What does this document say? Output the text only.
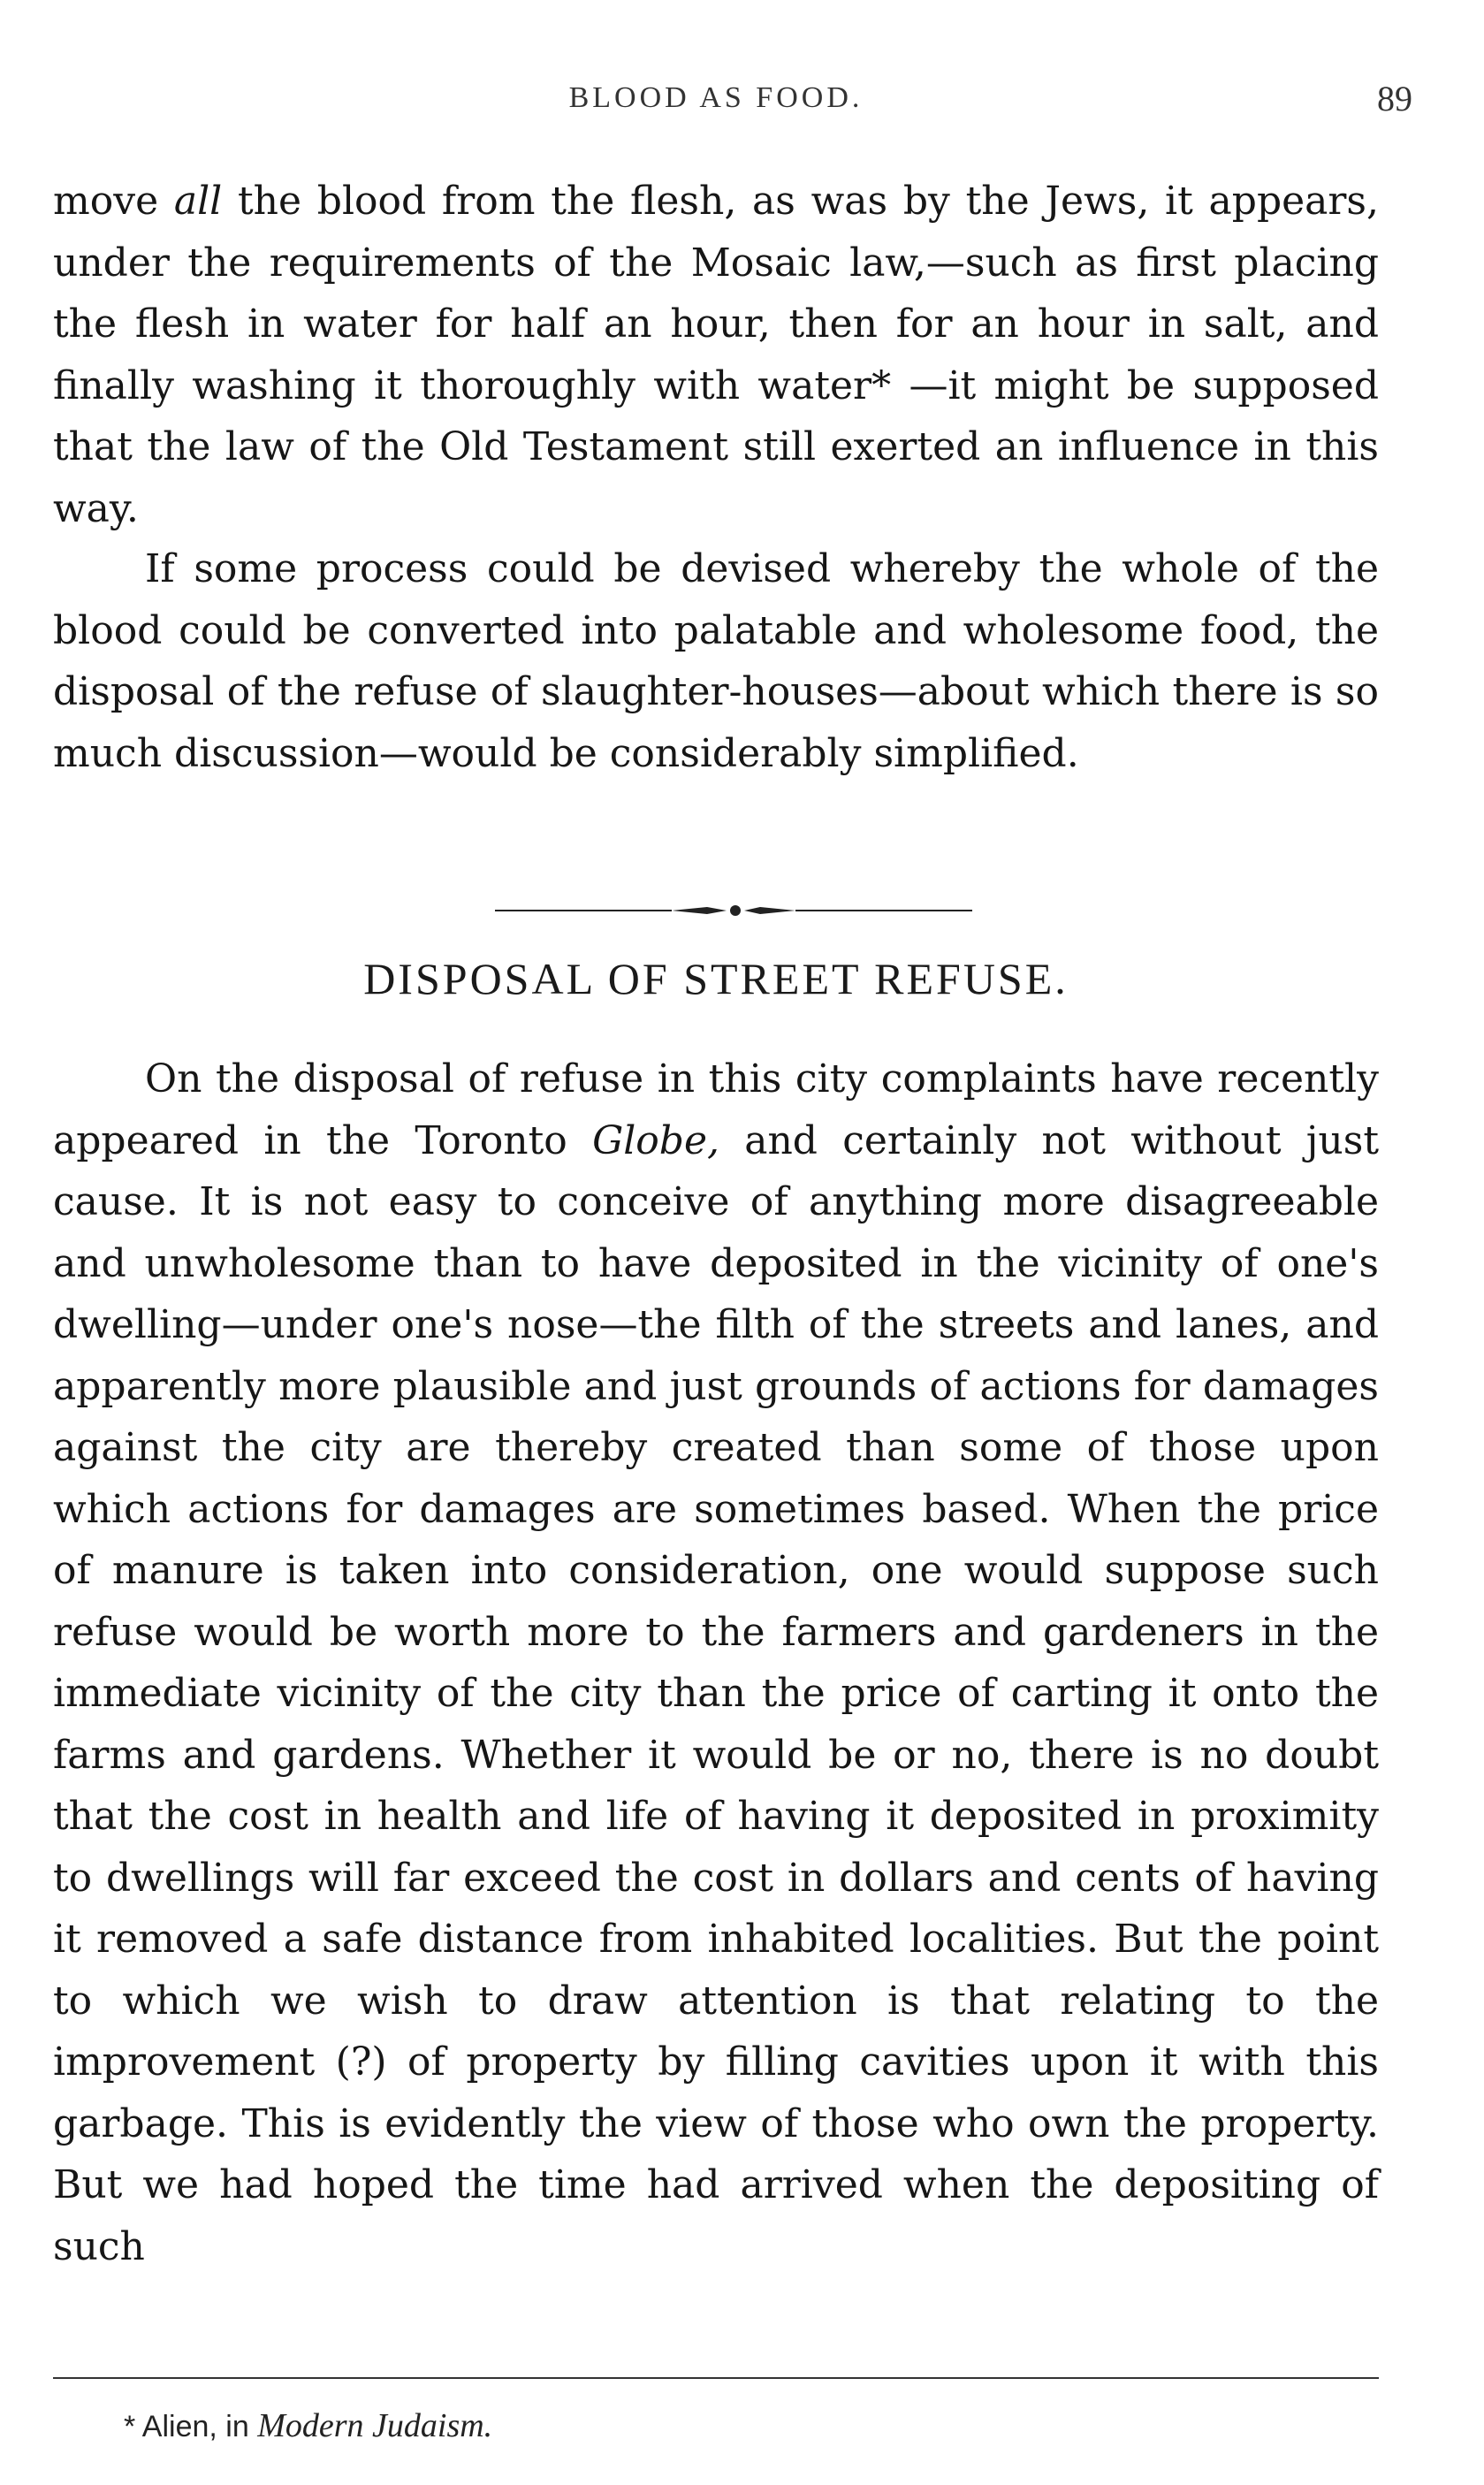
BLOOD AS FOOD.	89
move all the blood from the flesh, as was by the Jews, it appears, under the requirements of the Mosaic law,—such as first placing the flesh in water for half an hour, then for an hour in salt, and finally washing it thoroughly with water* —it might be supposed that the law of the Old Testament still exerted an influence in this way.
If some process could be devised whereby the whole of the blood could be converted into palatable and wholesome food, the disposal of the refuse of slaughter-houses—about which there is so much discussion—would be considerably simplified.
DISPOSAL OF STREET REFUSE.
On the disposal of refuse in this city complaints have recently appeared in the Toronto Globe, and certainly not without just cause. It is not easy to conceive of anything more disagreeable and unwholesome than to have deposited in the vicinity of one's dwelling—under one's nose—the filth of the streets and lanes, and apparently more plausible and just grounds of actions for damages against the city are thereby created than some of those upon which actions for damages are sometimes based. When the price of manure is taken into consideration, one would suppose such refuse would be worth more to the farmers and gardeners in the immediate vicinity of the city than the price of carting it onto the farms and gardens. Whether it would be or no, there is no doubt that the cost in health and life of having it deposited in proximity to dwellings will far exceed the cost in dollars and cents of having it removed a safe distance from inhabited localities. But the point to which we wish to draw attention is that relating to the improvement (?) of property by filling cavities upon it with this garbage. This is evidently the view of those who own the property. But we had hoped the time had arrived when the depositing of such
* Alien, in Modern Judaism.
